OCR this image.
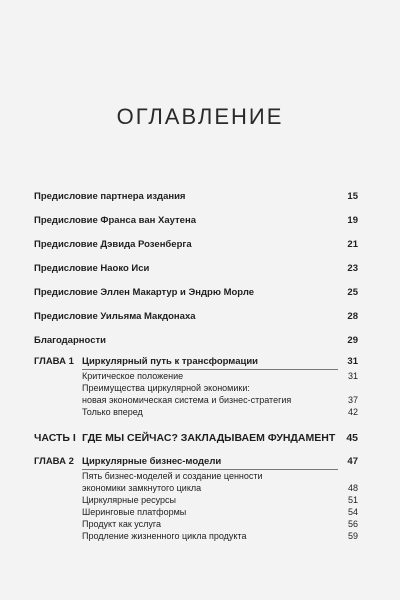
ОГЛАВЛЕНИЕ
Предисловие партнера издания	15
Предисловие Франса ван Хаутена	19
Предисловие Дэвида Розенберга	21
Предисловие Наоко Иси	23
Предисловие Эллен Макартур и Эндрю Морле	25
Предисловие Уильяма Макдонаха	28
Благодарности	29
ГЛАВА 1 Циркулярный путь к трансформации	31
Критическое положение	31
Преимущества циркулярной экономики:
новая экономическая система и бизнес-стратегия	37
Только вперед	42
ЧАСТЬ I ГДЕ МЫ СЕЙЧАС? ЗАКЛАДЫВАЕМ ФУНДАМЕНТ	45
ГЛАВА 2 Циркулярные бизнес-модели	47
Пять бизнес-моделей и создание ценности
экономики замкнутого цикла	48
Циркулярные ресурсы	51
Шеринговые платформы	54
Продукт как услуга	56
Продление жизненного цикла продукта	59
